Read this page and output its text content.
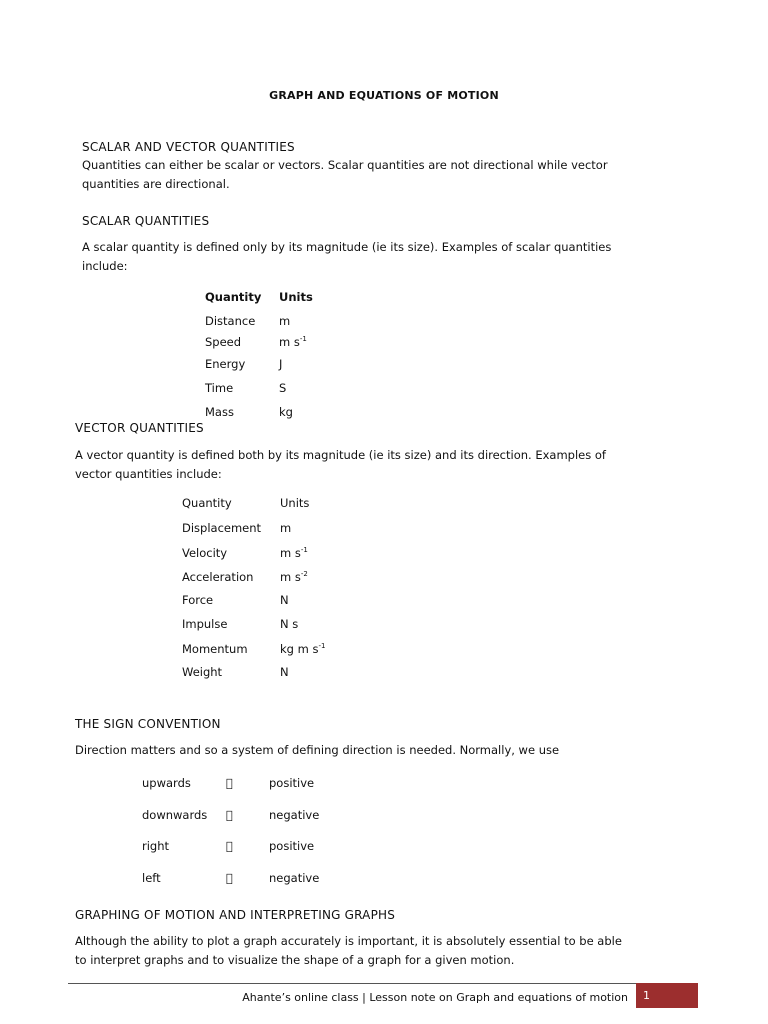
GRAPH AND EQUATIONS OF MOTION
SCALAR AND VECTOR QUANTITIES
Quantities can either be scalar or vectors. Scalar quantities are not directional while vector quantities are directional.
SCALAR QUANTITIES
A scalar quantity is defined only by its magnitude (ie its size). Examples of scalar quantities include:
Quantity Units
Distance m
Speed	m $s^{-1}$
Energy	J
Time	S
Mass	kg
VECTOR QUANTITIES
A vector quantity is defined both by its magnitude (ie its size) and its direction. Examples of vector quantities include:
Quantity	Units
Displacement m
Velocity	m $s^{-1}$
Acceleration m $s^{-2}$
Force	N
Impulse	N s
Momentum	kg m $s^{-1}$
Weight	N
THE SIGN CONVENTION
Direction matters and so a system of defining direction is needed. Normally, we use
upwards	positive
downwards	negative
right	positive
left	negative
GRAPHING OF MOTION AND INTERPRETING GRAPHS
Although the ability to plot a graph accurately is important, it is absolutely essential to be able to interpret graphs and to visualize the shape of a graph for a given motion.
Ahante’s online class | Lesson note on Graph and equations of motion 1
